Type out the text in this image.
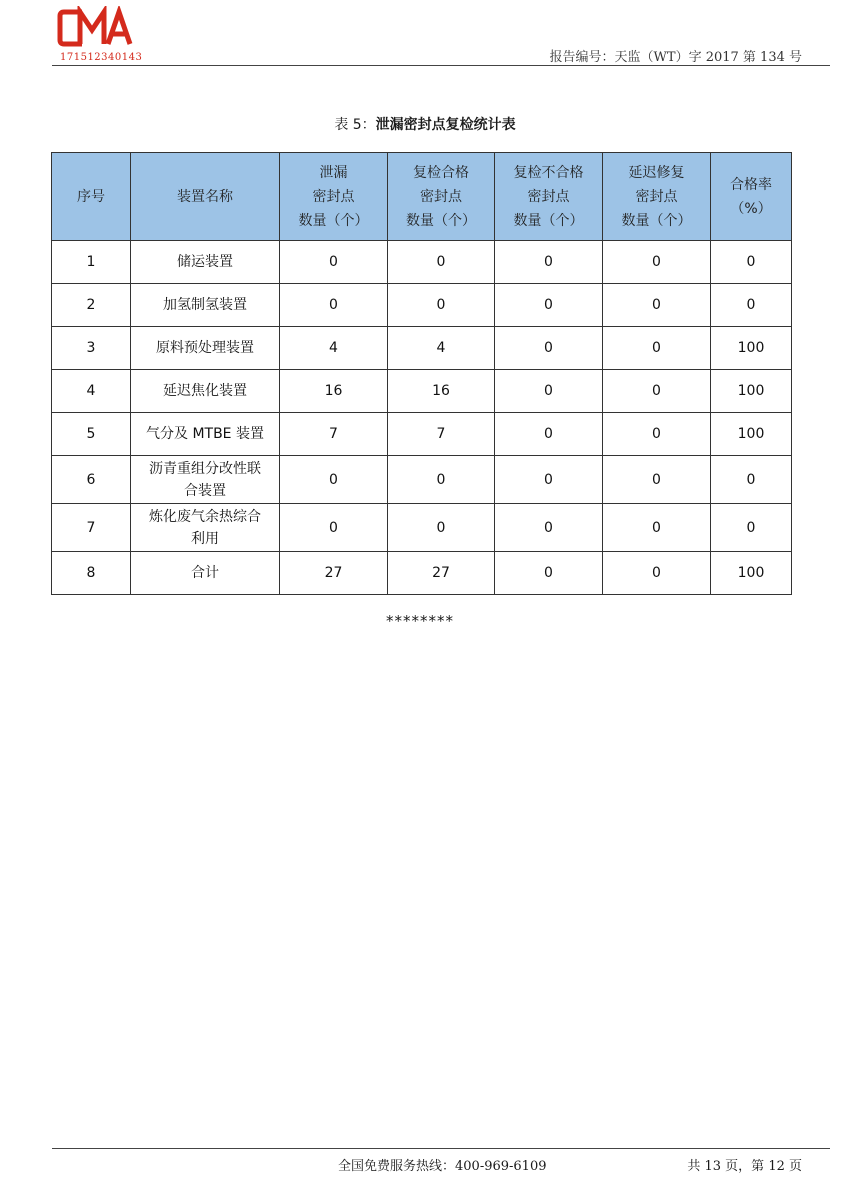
171512340143	报告编号：天监（WT）字 2017 第 134 号
表 5：泄漏密封点复检统计表
序号	装置名称	泄漏
密封点
数量（个）	复检合格
密封点
数量（个）	复检不合格
密封点
数量（个）	延迟修复
密封点
数量（个）	合格率
（%）

1	储运装置	0	0	0	0	0
2	加氢制氢装置	0	0	0	0	0
3	原料预处理装置	4	4	0	0	100
4	延迟焦化装置	16	16	0	0	100
5	气分及 MTBE 装置	7	7	0	0	100
6	沥青重组分改性联
合装置	0	0	0	0	0
7	炼化废气余热综合
利用	0	0	0	0	0
8	合计	27	27	0	0	100
********
全国免费服务热线：400-969-6109	共 13 页，第 12 页
